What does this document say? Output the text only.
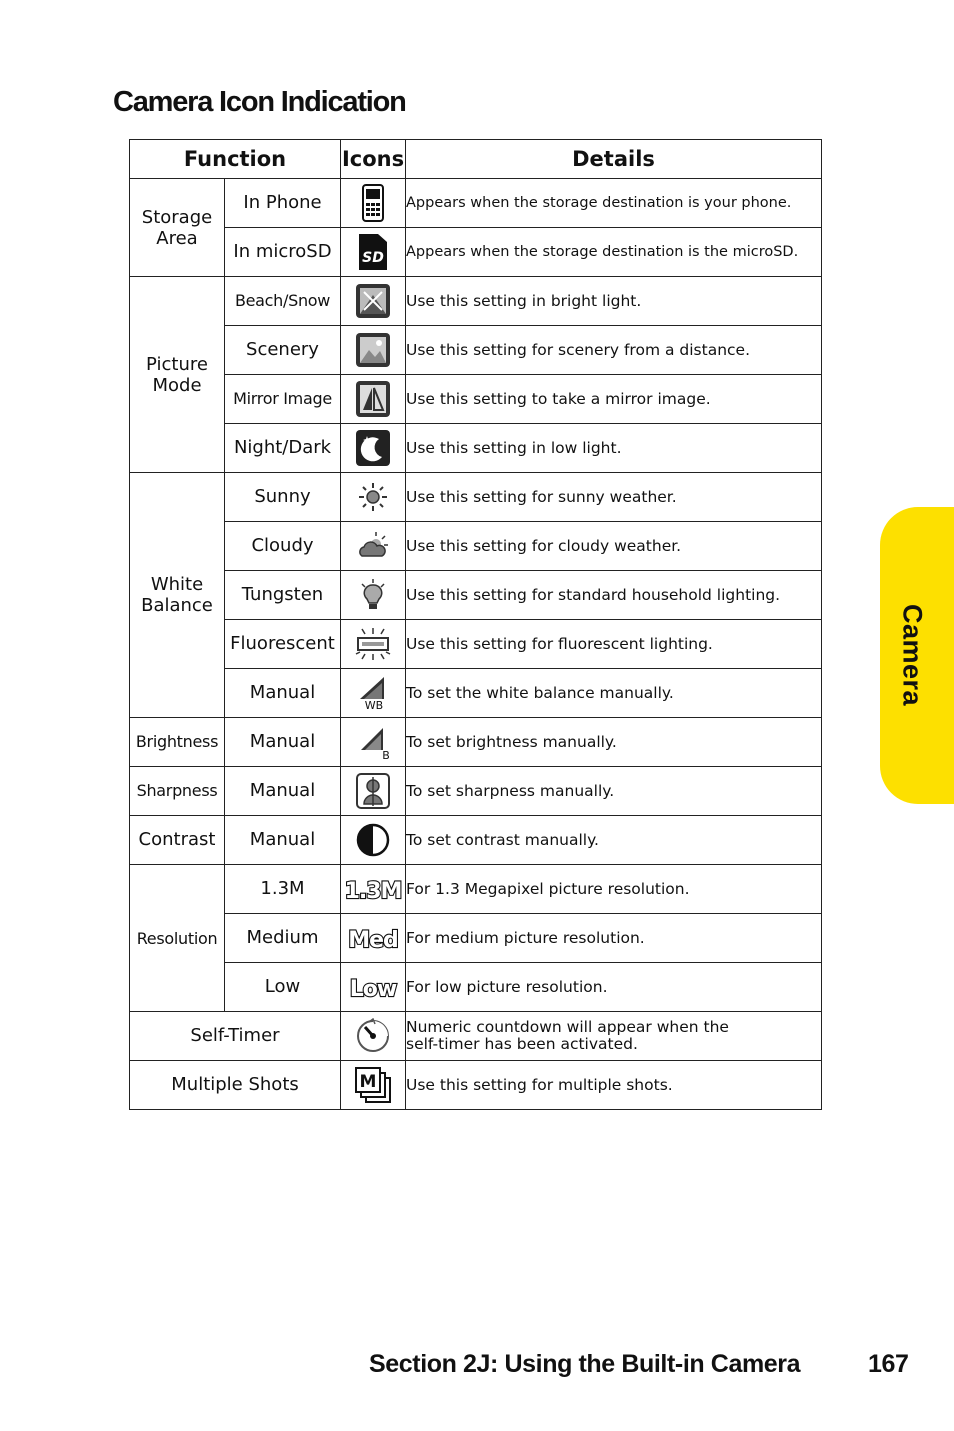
Camera Icon Indication
Function		Icons	Details
Storage Area	In Phone		Appears when the storage destination is your phone.
	In microSD	SD	Appears when the storage destination is the microSD.
Picture Mode	Beach/Snow		Use this setting in bright light.
	Scenery		Use this setting for scenery from a distance.
	Mirror Image		Use this setting to take a mirror image.
	Night/Dark		Use this setting in low light.
White Balance	Sunny		Use this setting for sunny weather.
	Cloudy		Use this setting for cloudy weather.
	Tungsten		Use this setting for standard household lighting.
	Fluorescent		Use this setting for fluorescent lighting.
	Manual	WB	To set the white balance manually.
Brightness	Manual	B	To set brightness manually.
Sharpness	Manual		To set sharpness manually.
Contrast	Manual		To set contrast manually.
Resolution	1.3M	1.3M	For 1.3 Megapixel picture resolution.
	Medium	Med	For medium picture resolution.
	Low	Low	For low picture resolution.
Self-Timer			Numeric countdown will appear when the
self-timer has been activated.

Multiple Shots		M	Use this setting for multiple shots.
Camera
Section 2J: Using the Built-in Camera	167
